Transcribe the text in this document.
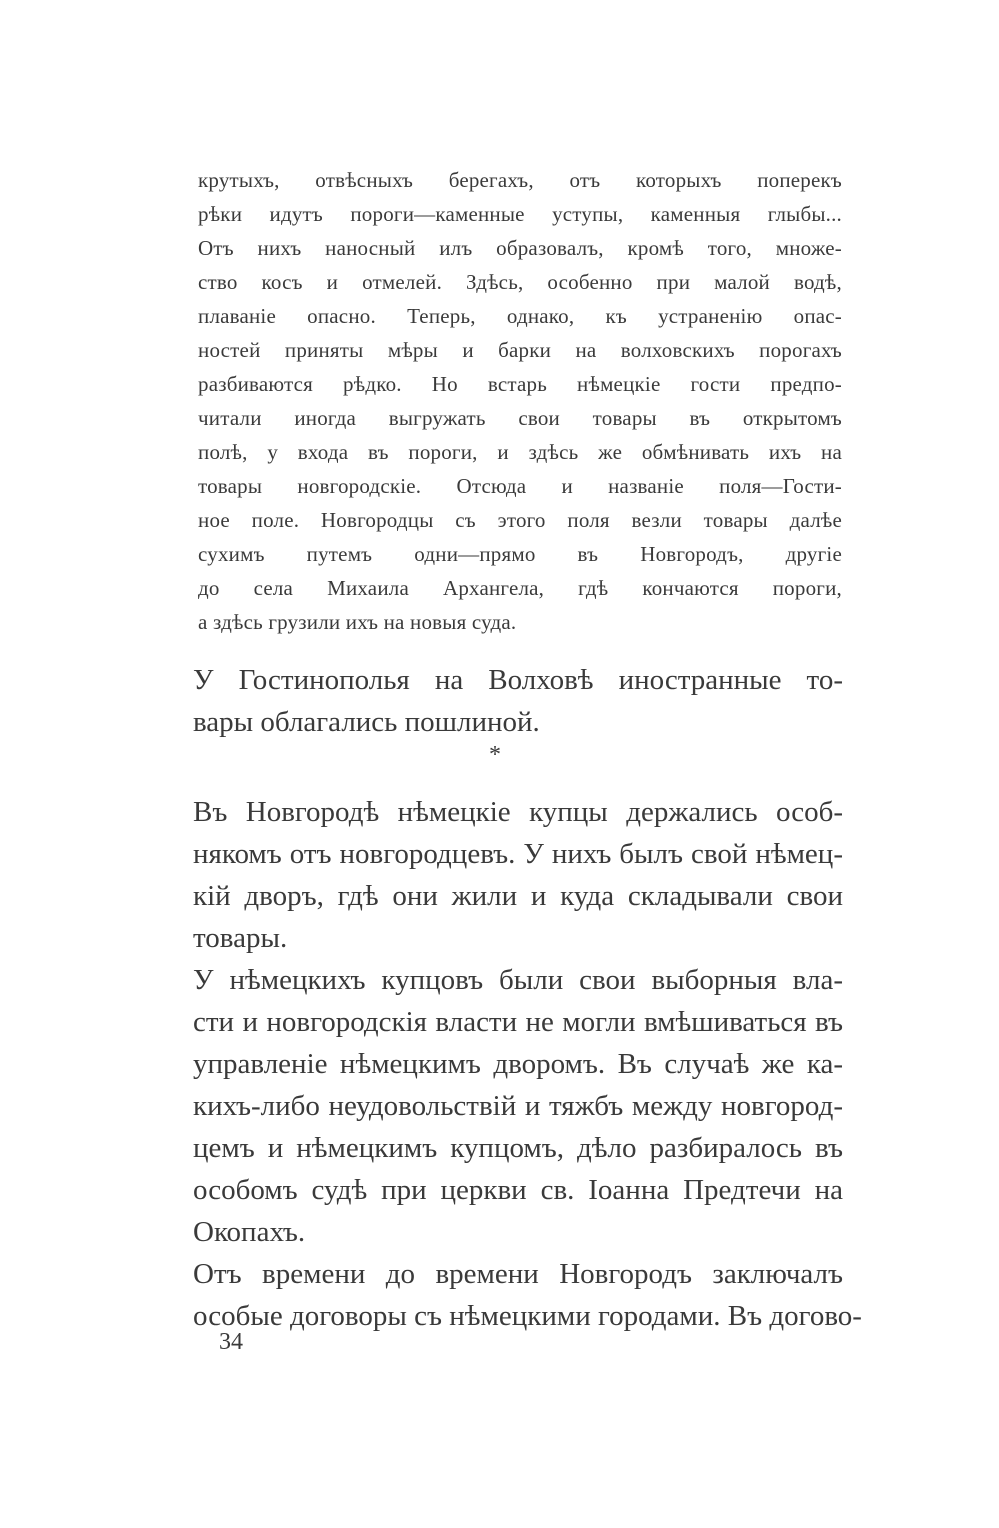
крутыхъ, отвѣсныхъ берегахъ, отъ которыхъ поперекъ

рѣки идутъ пороги—каменные уступы, каменныя глыбы...

Отъ нихъ наносный илъ образовалъ, кромѣ того, множе-

ство косъ и отмелей. Здѣсь, особенно при малой водѣ,

плаваніе опасно. Теперь, однако, къ устраненію опас-

ностей приняты мѣры и барки на волховскихъ порогахъ

разбиваются рѣдко. Но встарь нѣмецкіе гости предпо-

читали иногда выгружать свои товары въ открытомъ

полѣ, у входа въ пороги, и здѣсь же обмѣнивать ихъ на

товары новгородскіе. Отсюда и названіе поля—Гости-

ное поле. Новгородцы съ этого поля везли товары далѣе

сухимъ путемъ одни—прямо въ Новгородъ, другіе

до села Михаила Архангела, гдѣ кончаются пороги,

а здѣсь грузили ихъ на новыя суда.

У Гостинополья на Волховѣ иностранные то-

вары облагались пошлиной.

*

Въ Новгородѣ нѣмецкіе купцы держались особ-

някомъ отъ новгородцевъ. У нихъ былъ свой нѣмец-

кій дворъ, гдѣ они жили и куда складывали свои

товары.

У нѣмецкихъ купцовъ были свои выборныя вла-

сти и новгородскія власти не могли вмѣшиваться въ

управленіе нѣмецкимъ дворомъ. Въ случаѣ же ка-

кихъ-либо неудовольствій и тяжбъ между новгород-

цемъ и нѣмецкимъ купцомъ, дѣло разбиралось въ

особомъ судѣ при церкви св. Іоанна Предтечи на

Окопахъ.

Отъ времени до времени Новгородъ заключалъ

особые договоры съ нѣмецкими городами. Въ догово-

34
